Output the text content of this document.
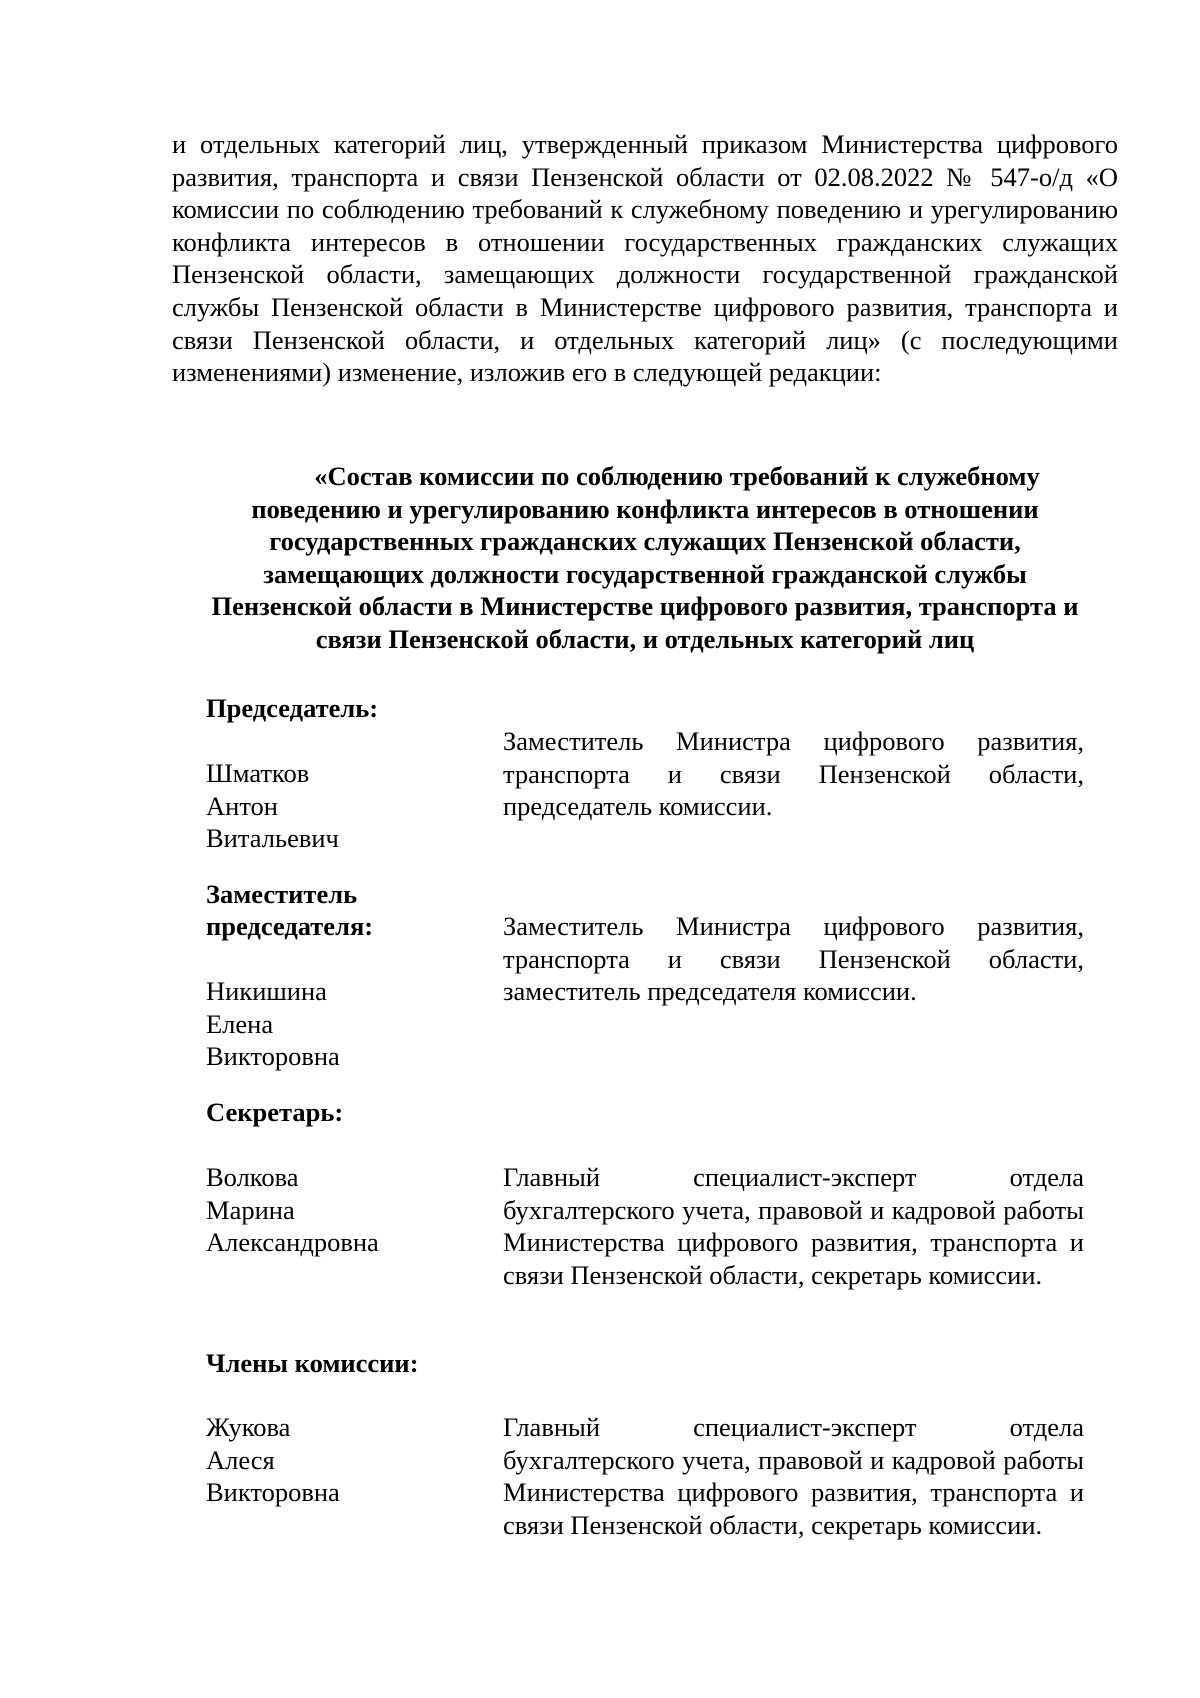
и отдельных категорий лиц, утвержденный приказом Министерства цифрового развития, транспорта и связи Пензенской области от 02.08.2022 № 547-о/д «О комиссии по соблюдению требований к служебному поведению и урегулированию конфликта интересов в отношении государственных гражданских служащих Пензенской области, замещающих должности государственной гражданской службы Пензенской области в Министерстве цифрового развития, транспорта и связи Пензенской области, и отдельных категорий лиц» (с последующими изменениями) изменение, изложив его в следующей редакции:
«Состав комиссии по соблюдению требований к служебному
поведению и урегулированию конфликта интересов в отношении
государственных гражданских служащих Пензенской области,
замещающих должности государственной гражданской службы
Пензенской области в Министерстве цифрового развития, транспорта и
связи Пензенской области, и отдельных категорий лиц
Председатель:
Заместитель Министра цифрового развития, транспорта и связи Пензенской области, председатель комиссии.
Шматков
Антон
Витальевич
Заместитель
председателя:	Заместитель Министра цифрового развития, транспорта и связи Пензенской области, заместитель председателя комиссии.
Никишина
Елена
Викторовна
Секретарь:
Волкова
Марина
Александровна
Главный специалист-эксперт отдела бухгалтерского учета, правовой и кадровой работы Министерства цифрового развития, транспорта и связи Пензенской области, секретарь комиссии.
Члены комиссии:
Жукова
Алеся
Викторовна
Главный специалист-эксперт отдела бухгалтерского учета, правовой и кадровой работы Министерства цифрового развития, транспорта и связи Пензенской области, секретарь комиссии.
